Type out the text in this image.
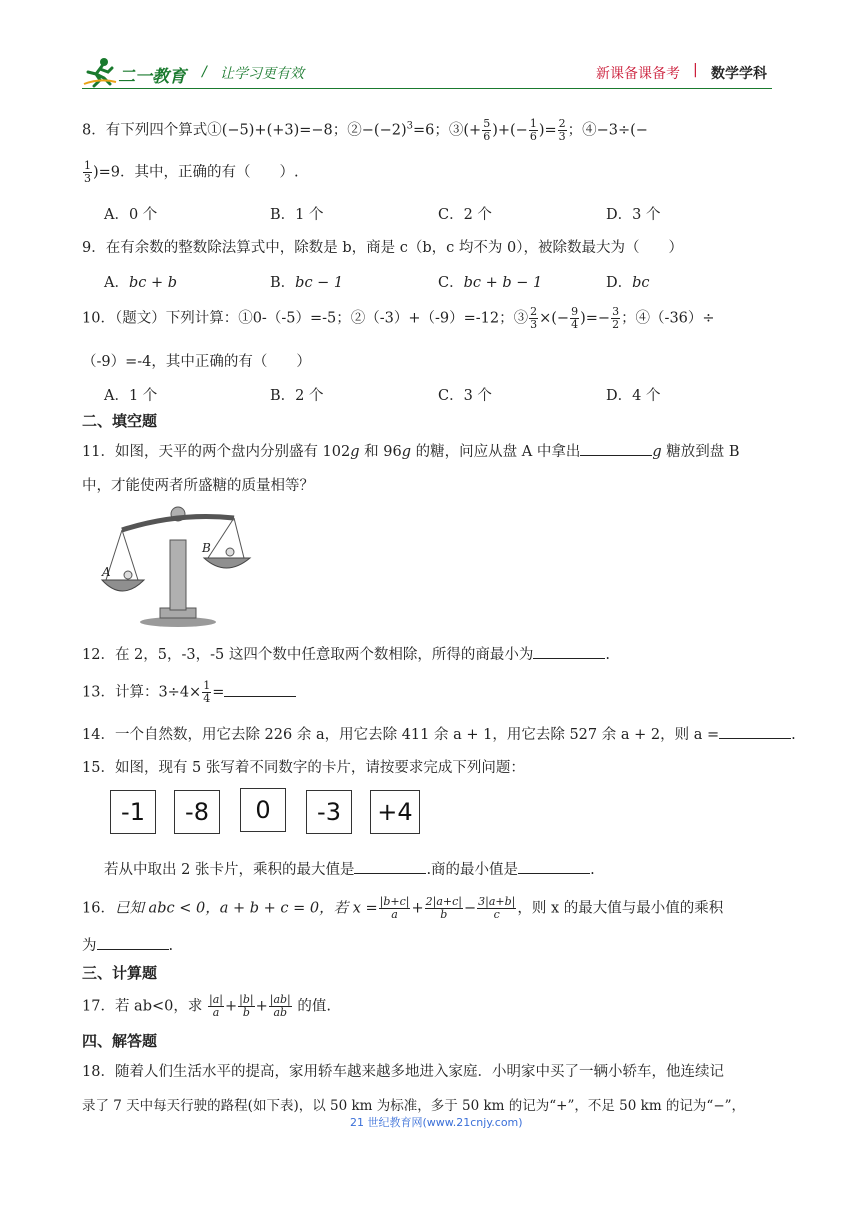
二一教育 / 让学习更有效	新课备课备考 | 数学学科
8．有下列四个算式①(−5)+(+3)=−8；$②-(-2)^3=6$；③(+ $\frac{5}{6}$ )+(− $\frac{1}{6}$ )= $\frac{2}{3}$ ；④−3÷(−
$\frac{1}{3} )=9$．其中，正确的有（　　）.
A．0 个	B．1 个	C．2 个	D．3 个
9．在有余数的整数除法算式中，除数是 b，商是 c（b，c 均不为 0），被除数最大为（　　）
A．bc + b	B．bc − 1	C．bc + b − 1	D．bc
10．（题文）下列计算：①0-（-5）=-5；②（-3）+（-9）=-12；③ $\frac{2}{3}$ ×(− $\frac{9}{4}$ )=− $\frac{3}{2}$ ；④（-36）÷
（-9）=-4，其中正确的有（　　）
A．1 个	B．2 个	C．3 个	D．4 个
二、填空题
11．如图，天平的两个盘内分别盛有 102g 和 96g 的糖，问应从盘 A 中拿出	g 糖放到盘 B
中，才能使两者所盛糖的质量相等？
A
B
12．在 2，5，-3，-5 这四个数中任意取两个数相除，所得的商最小为	.
13．计算：$3\div 4\times \frac{1}{4}$ =
14．一个自然数，用它去除 226 余 a，用它去除 411 余 a + 1，用它去除 527 余 a + 2，则 a =	.
15．如图，现有 5 张写着不同数字的卡片，请按要求完成下列问题：
-1	-8	0	-3	+4
若从中取出 2 张卡片，乘积的最大值是	.商的最小值是	.
16．已知 abc < 0，a + b + c = 0，若 $x = \frac{|b+c|}{a} + \frac{2|a+c|}{b} - \frac{3|a+b|}{c}$ ，则 x 的最大值与最小值的乘积
为	.
三、计算题
17．若 ab<0，求 $\frac{|a|}{a} + \frac{|b|}{b} + \frac{|ab|}{ab}$ 的值.
四、解答题
18．随着人们生活水平的提高，家用轿车越来越多地进入家庭．小明家中买了一辆小轿车，他连续记
录了 7 天中每天行驶的路程(如下表)，以 50 km 为标准，多于 50 km 的记为“+”，不足 50 km 的记为“−”，
21 世纪教育网(www.21cnjy.com)
